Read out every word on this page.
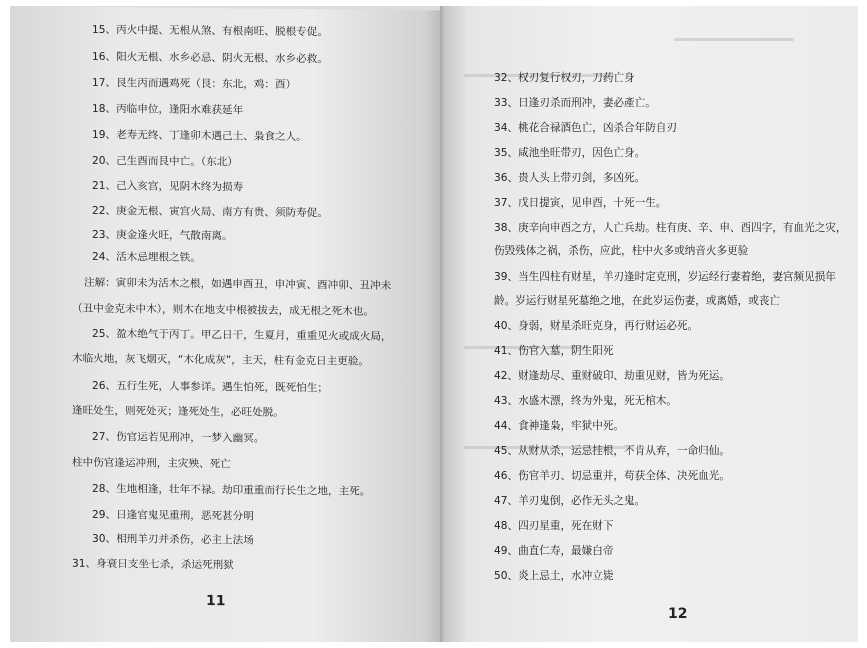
15、丙火中提、无根从煞、有根南旺、脱根专促。
16、阳火无根、水乡必忌、阴火无根、水乡必救。
17、艮生丙而遇鸡死（艮：东北，鸡：酉）
18、丙临申位，逢阳水难获延年
19、老寿无终、丁逢卯木遇己土、枭食之人。
20、己生酉而艮中亡。（东北）
21、己入亥宫，见阴木终为损寿
22、庚金无根、寅宫火局、南方有贵、须防寿促。
23、庚金逢火旺，气散南离。
24、活木忌埋根之铁。
注解：寅卯未为活木之根，如遇申酉丑，申冲寅、酉冲卯、丑冲未
（丑中金克未中木），则木在地支中根被拔去，成无根之死木也。
25、盈木绝气于丙丁。甲乙日干，生夏月，重重见火或成火局，
木临火地，灰飞烟灭，“木化成灰”，主天，柱有金克日主更验。
26、五行生死，人事参详。遇生怕死，既死怕生；
逢旺处生，则死处灭；逢死处生，必旺处脱。
27、伤官运若见刑冲，一梦入幽冥。
柱中伤官逢运冲刑，主灾殃、死亡
28、生地相逢，壮年不禄。劫印重重而行长生之地，主死。
29、日逢官鬼见重刑，恶死甚分明
30、相刑羊刃并杀伤，必主上法场
31、身衰日支坐七杀，杀运死刑狱
11
32、权刃复行权刃，刀药亡身
33、日逢刃杀而刑冲，妻必產亡。
34、桃花合禄酒色亡，凶杀合年防自刃
35、咸池坐旺带刃，因色亡身。
36、贵人头上带刃剑，多凶死。
37、戊日提寅，见申酉，十死一生。
38、庚辛向申酉之方，人亡兵劫。柱有庚、辛、申、酉四字，有血光之灾，
伤毁残体之祸，杀伤，应此，柱中火多或纳音火多更验
39、当生四柱有财星，羊刃逢时定克刑，岁运经行妻着绝，妻宫频见损年
龄。岁运行财星死墓绝之地，在此岁运伤妻，或离婚，或丧亡
40、身弱，财星杀旺克身，再行财运必死。
41、伤官入墓，阴生阳死
42、财逢劫尽、重财破印、劫重见财，皆为死运。
43、水盛木漂，终为外鬼，死无棺木。
44、食神逢枭，牢狱中死。
45、从财从杀，运忌挂根，不肯从弃，一命归仙。
46、伤官羊刃、切忌重并，苟获全体、决死血光。
47、羊刃鬼倒，必作无头之鬼。
48、四刃星重，死在财下
49、曲直仁寿，最嫌白帝
50、炎上忌土，水冲立毙
12
